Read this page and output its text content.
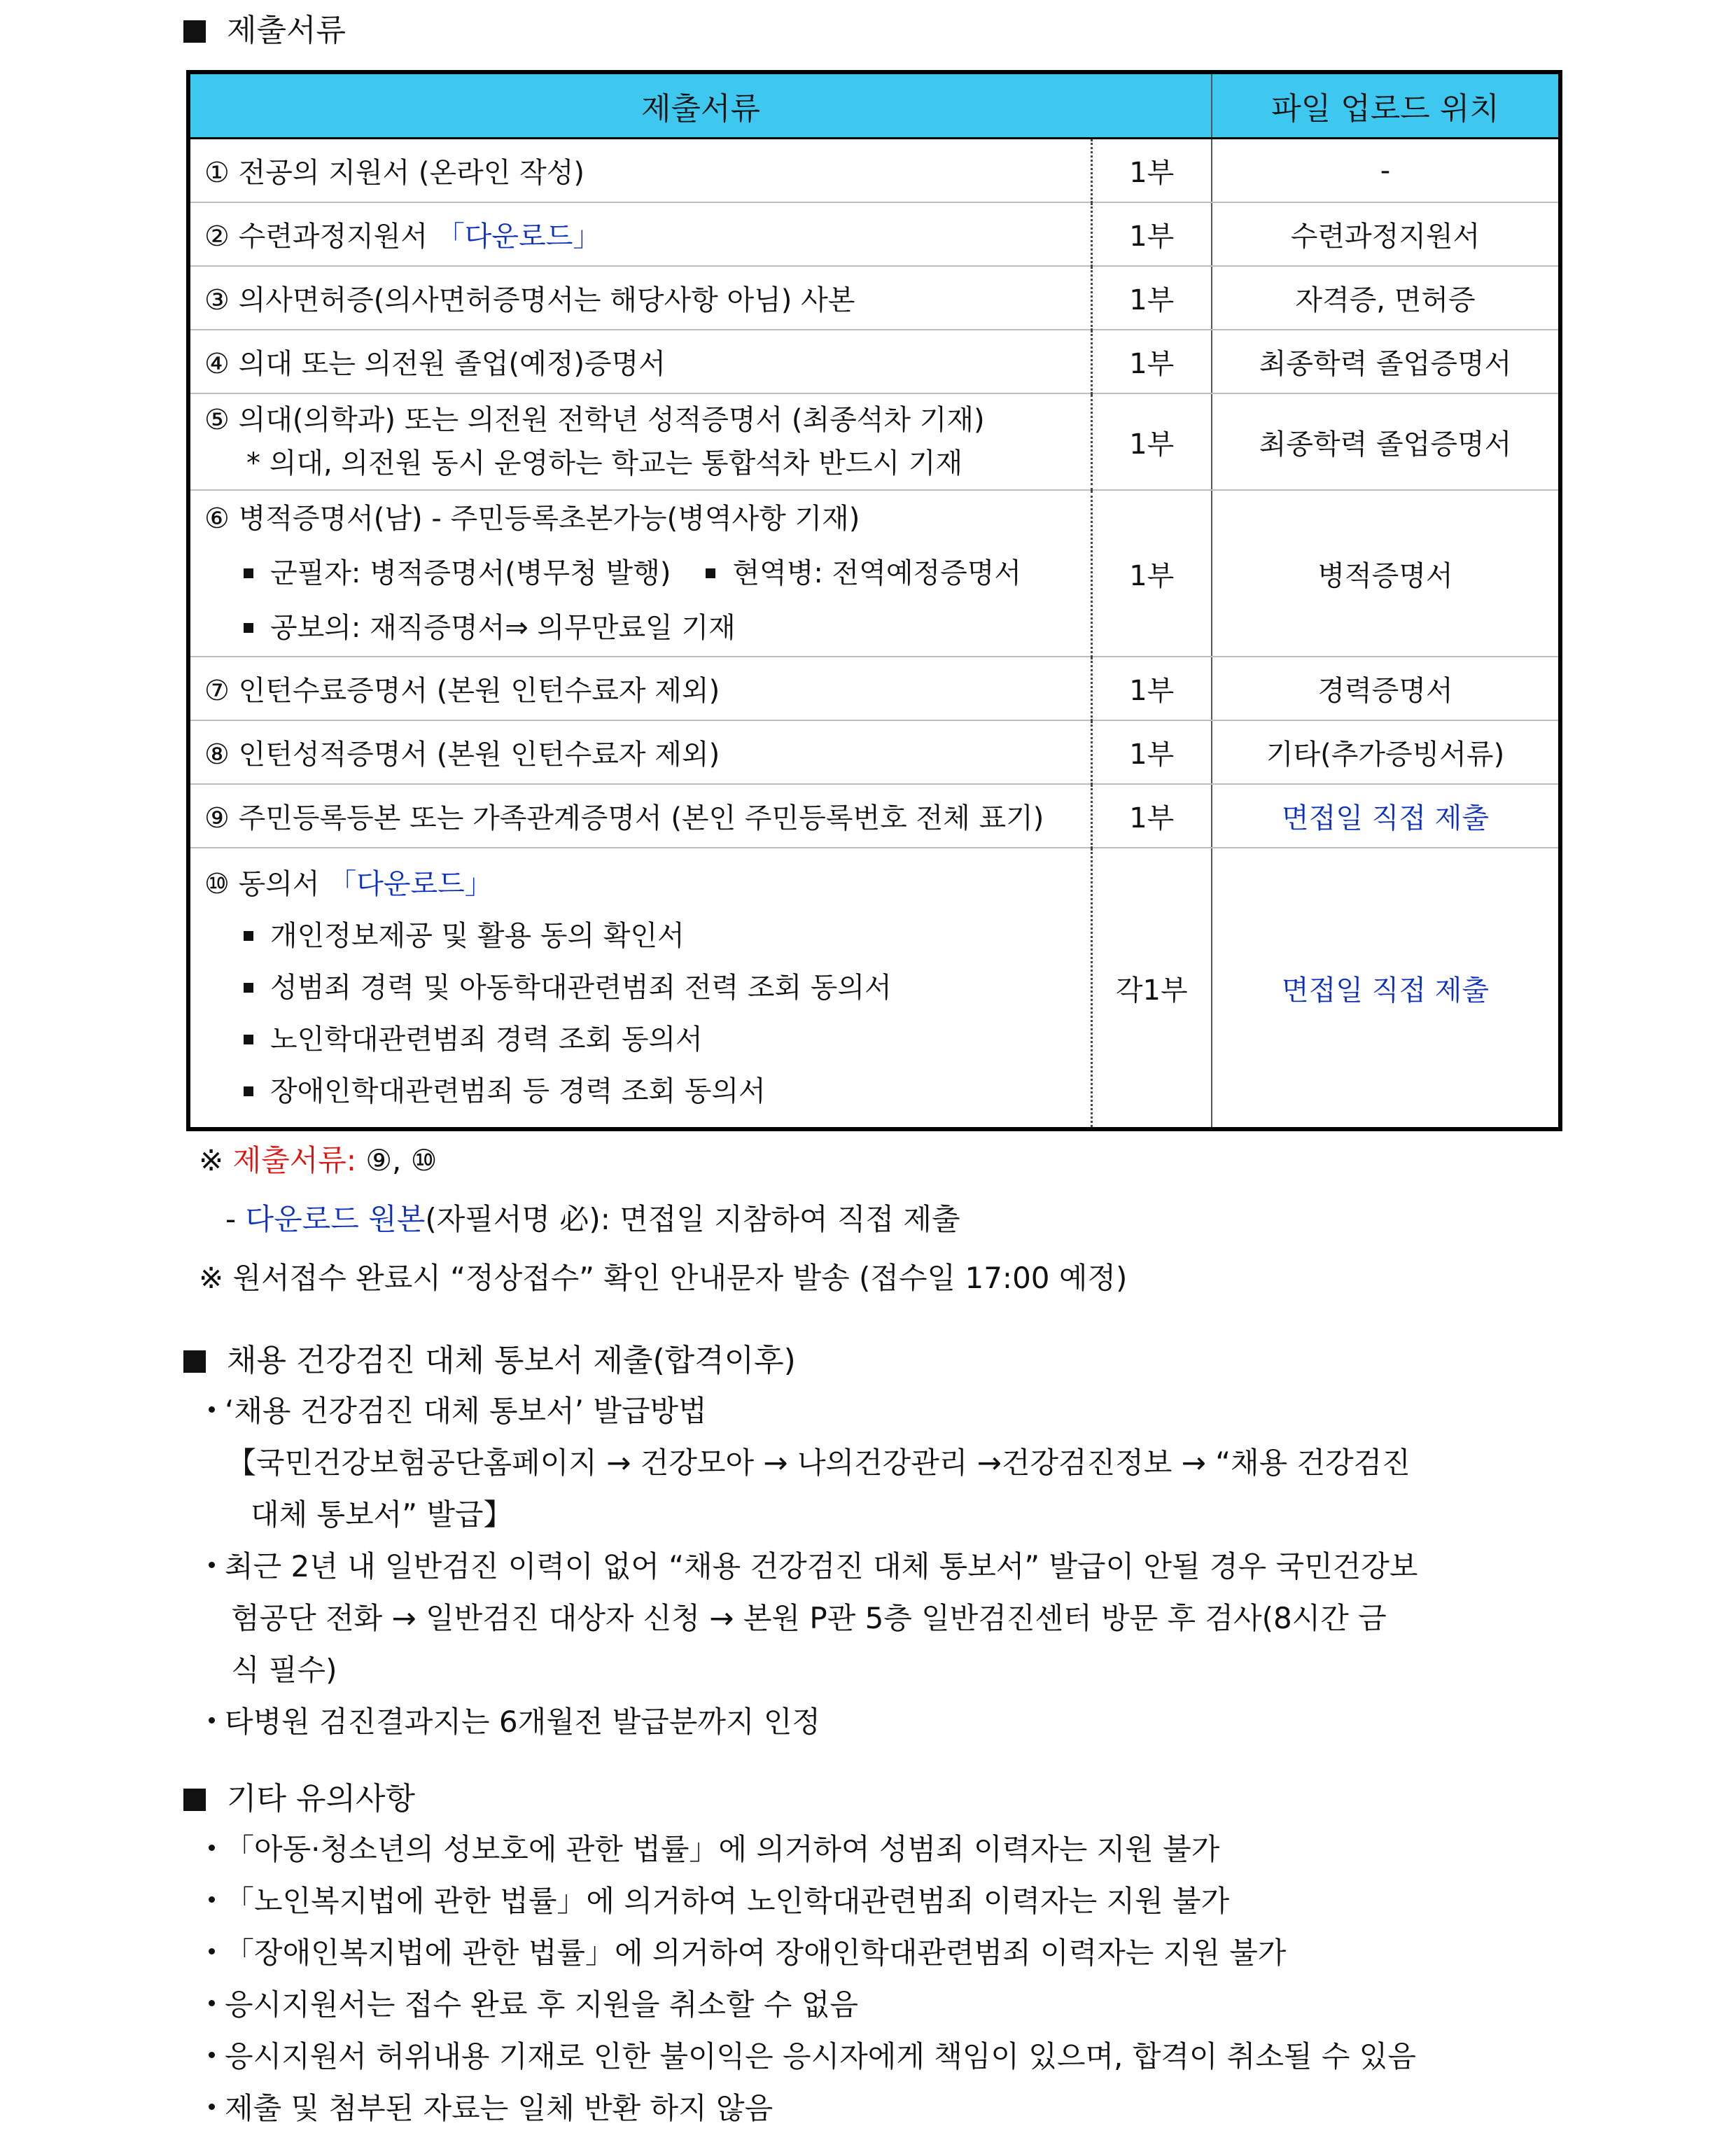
제출서류
제출서류		파일 업로드 위치
① 전공의 지원서 (온라인 작성)	1부	-
② 수련과정지원서 「다운로드」	1부	수련과정지원서
③ 의사면허증(의사면허증명서는 해당사항 아님) 사본	1부	자격증, 면허증
④ 의대 또는 의전원 졸업(예정)증명서	1부	최종학력 졸업증명서

⑤ 의대(의학과) 또는 의전원 전학년 성적증명서 (최종석차 기재)
* 의대, 의전원 동시 운영하는 학교는 통합석차 반드시 기재	1부	최종학력 졸업증명서

⑥ 병적증명서(남) - 주민등록초본가능(병역사항 기재)
군필자: 병적증명서(병무청 발행) 현역병: 전역예정증명서
공보의: 재직증명서⇒ 의무만료일 기재	1부	병적증명서
⑦ 인턴수료증명서 (본원 인턴수료자 제외)	1부	경력증명서
⑧ 인턴성적증명서 (본원 인턴수료자 제외)	1부	기타(추가증빙서류)
⑨ 주민등록등본 또는 가족관계증명서 (본인 주민등록번호 전체 표기)	1부	면접일 직접 제출

⑩ 동의서 「다운로드」
개인정보제공 및 활용 동의 확인서
성범죄 경력 및 아동학대관련범죄 전력 조회 동의서
노인학대관련범죄 경력 조회 동의서
장애인학대관련범죄 등 경력 조회 동의서	각1부	면접일 직접 제출
※ 제출서류: ⑨, ⑩
- 다운로드 원본(자필서명 必): 면접일 지참하여 직접 제출
※ 원서접수 완료시 “정상접수” 확인 안내문자 발송 (접수일 17:00 예정)
채용 건강검진 대체 통보서 제출(합격이후)
‘채용 건강검진 대체 통보서’ 발급방법
【국민건강보험공단홈페이지 → 건강모아 → 나의건강관리 →건강검진정보 → “채용 건강검진
대체 통보서” 발급】
최근 2년 내 일반검진 이력이 없어 “채용 건강검진 대체 통보서” 발급이 안될 경우 국민건강보
험공단 전화 → 일반검진 대상자 신청 → 본원 P관 5층 일반검진센터 방문 후 검사(8시간 금
식 필수)
타병원 검진결과지는 6개월전 발급분까지 인정
기타 유의사항
「아동·청소년의 성보호에 관한 법률」에 의거하여 성범죄 이력자는 지원 불가
「노인복지법에 관한 법률」에 의거하여 노인학대관련범죄 이력자는 지원 불가
「장애인복지법에 관한 법률」에 의거하여 장애인학대관련범죄 이력자는 지원 불가
응시지원서는 접수 완료 후 지원을 취소할 수 없음
응시지원서 허위내용 기재로 인한 불이익은 응시자에게 책임이 있으며, 합격이 취소될 수 있음
제출 및 첨부된 자료는 일체 반환 하지 않음
